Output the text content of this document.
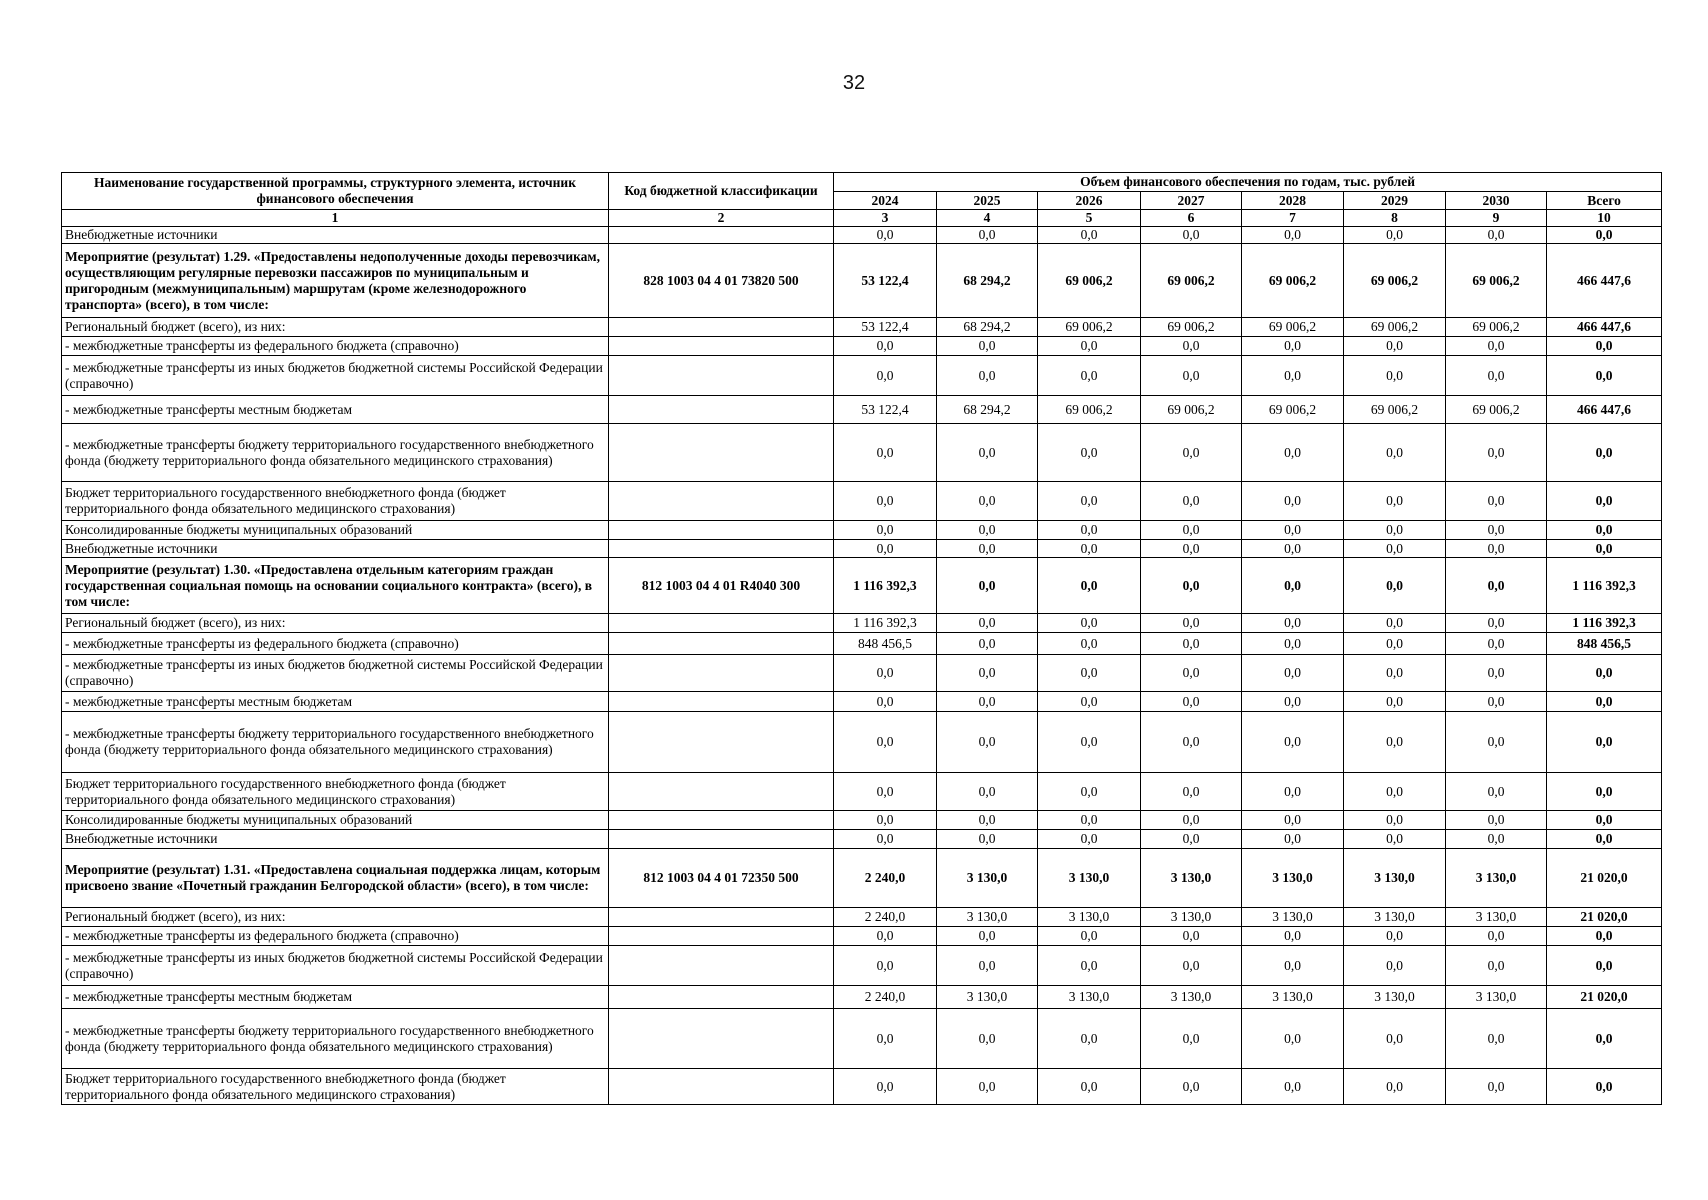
32
Наименование государственной программы, структурного элемента, источник финансового обеспечения	Код бюджетной классификации	Объем финансового обеспечения по годам, тыс. рублей							
		2024	2025	2026	2027	2028	2029	2030	Всего
1	2	3	4	5	6	7	8	9	10
Внебюджетные источники		0,0	0,0	0,0	0,0	0,0	0,0	0,0	0,0
Мероприятие (результат) 1.29. «Предоставлены недополученные доходы перевозчикам, осуществляющим регулярные перевозки пассажиров по муниципальным и пригородным (межмуниципальным) маршрутам (кроме железнодорожного транспорта» (всего), в том числе:	828 1003 04 4 01 73820 500	53 122,4	68 294,2	69 006,2	69 006,2	69 006,2	69 006,2	69 006,2	466 447,6
Региональный бюджет (всего), из них:		53 122,4	68 294,2	69 006,2	69 006,2	69 006,2	69 006,2	69 006,2	466 447,6
- межбюджетные трансферты из федерального бюджета (справочно)		0,0	0,0	0,0	0,0	0,0	0,0	0,0	0,0
- межбюджетные трансферты из иных бюджетов бюджетной системы Российской Федерации (справочно)		0,0	0,0	0,0	0,0	0,0	0,0	0,0	0,0
- межбюджетные трансферты местным бюджетам		53 122,4	68 294,2	69 006,2	69 006,2	69 006,2	69 006,2	69 006,2	466 447,6
- межбюджетные трансферты бюджету территориального государственного внебюджетного фонда (бюджету территориального фонда обязательного медицинского страхования)		0,0	0,0	0,0	0,0	0,0	0,0	0,0	0,0
Бюджет территориального государственного внебюджетного фонда (бюджет территориального фонда обязательного медицинского страхования)		0,0	0,0	0,0	0,0	0,0	0,0	0,0	0,0
Консолидированные бюджеты муниципальных образований		0,0	0,0	0,0	0,0	0,0	0,0	0,0	0,0
Внебюджетные источники		0,0	0,0	0,0	0,0	0,0	0,0	0,0	0,0
Мероприятие (результат) 1.30. «Предоставлена отдельным категориям граждан государственная социальная помощь на основании социального контракта» (всего), в том числе:	812 1003 04 4 01 R4040 300	1 116 392,3	0,0	0,0	0,0	0,0	0,0	0,0	1 116 392,3
Региональный бюджет (всего), из них:		1 116 392,3	0,0	0,0	0,0	0,0	0,0	0,0	1 116 392,3
- межбюджетные трансферты из федерального бюджета (справочно)		848 456,5	0,0	0,0	0,0	0,0	0,0	0,0	848 456,5
- межбюджетные трансферты из иных бюджетов бюджетной системы Российской Федерации (справочно)		0,0	0,0	0,0	0,0	0,0	0,0	0,0	0,0
- межбюджетные трансферты местным бюджетам		0,0	0,0	0,0	0,0	0,0	0,0	0,0	0,0
- межбюджетные трансферты бюджету территориального государственного внебюджетного фонда (бюджету территориального фонда обязательного медицинского страхования)		0,0	0,0	0,0	0,0	0,0	0,0	0,0	0,0
Бюджет территориального государственного внебюджетного фонда (бюджет территориального фонда обязательного медицинского страхования)		0,0	0,0	0,0	0,0	0,0	0,0	0,0	0,0
Консолидированные бюджеты муниципальных образований		0,0	0,0	0,0	0,0	0,0	0,0	0,0	0,0
Внебюджетные источники		0,0	0,0	0,0	0,0	0,0	0,0	0,0	0,0
Мероприятие (результат) 1.31. «Предоставлена социальная поддержка лицам, которым присвоено звание «Почетный гражданин Белгородской области» (всего), в том числе:	812 1003 04 4 01 72350 500	2 240,0	3 130,0	3 130,0	3 130,0	3 130,0	3 130,0	3 130,0	21 020,0
Региональный бюджет (всего), из них:		2 240,0	3 130,0	3 130,0	3 130,0	3 130,0	3 130,0	3 130,0	21 020,0
- межбюджетные трансферты из федерального бюджета (справочно)		0,0	0,0	0,0	0,0	0,0	0,0	0,0	0,0
- межбюджетные трансферты из иных бюджетов бюджетной системы Российской Федерации (справочно)		0,0	0,0	0,0	0,0	0,0	0,0	0,0	0,0
- межбюджетные трансферты местным бюджетам		2 240,0	3 130,0	3 130,0	3 130,0	3 130,0	3 130,0	3 130,0	21 020,0
- межбюджетные трансферты бюджету территориального государственного внебюджетного фонда (бюджету территориального фонда обязательного медицинского страхования)		0,0	0,0	0,0	0,0	0,0	0,0	0,0	0,0
Бюджет территориального государственного внебюджетного фонда (бюджет территориального фонда обязательного медицинского страхования)		0,0	0,0	0,0	0,0	0,0	0,0	0,0	0,0
